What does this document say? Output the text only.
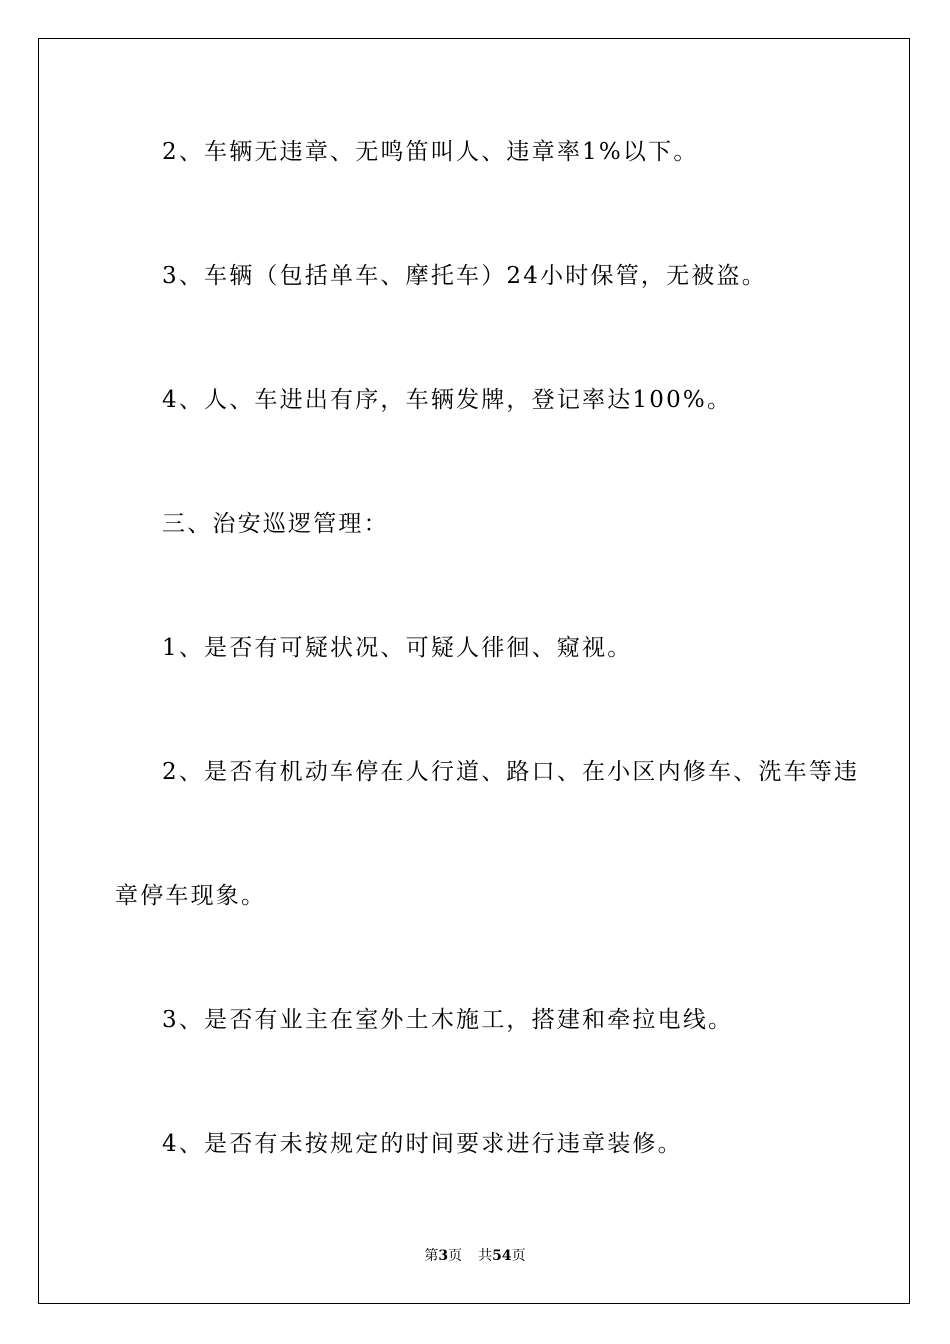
2、车辆无违章、无鸣笛叫人、违章率1%以下。
3、车辆（包括单车、摩托车）24小时保管，无被盗。
4、人、车进出有序，车辆发牌，登记率达100%。
三、治安巡逻管理：
1、是否有可疑状况、可疑人徘徊、窥视。
2、是否有机动车停在人行道、路口、在小区内修车、洗车等违
章停车现象。
3、是否有业主在室外土木施工，搭建和牵拉电线。
4、是否有未按规定的时间要求进行违章装修。
第3页 共54页
